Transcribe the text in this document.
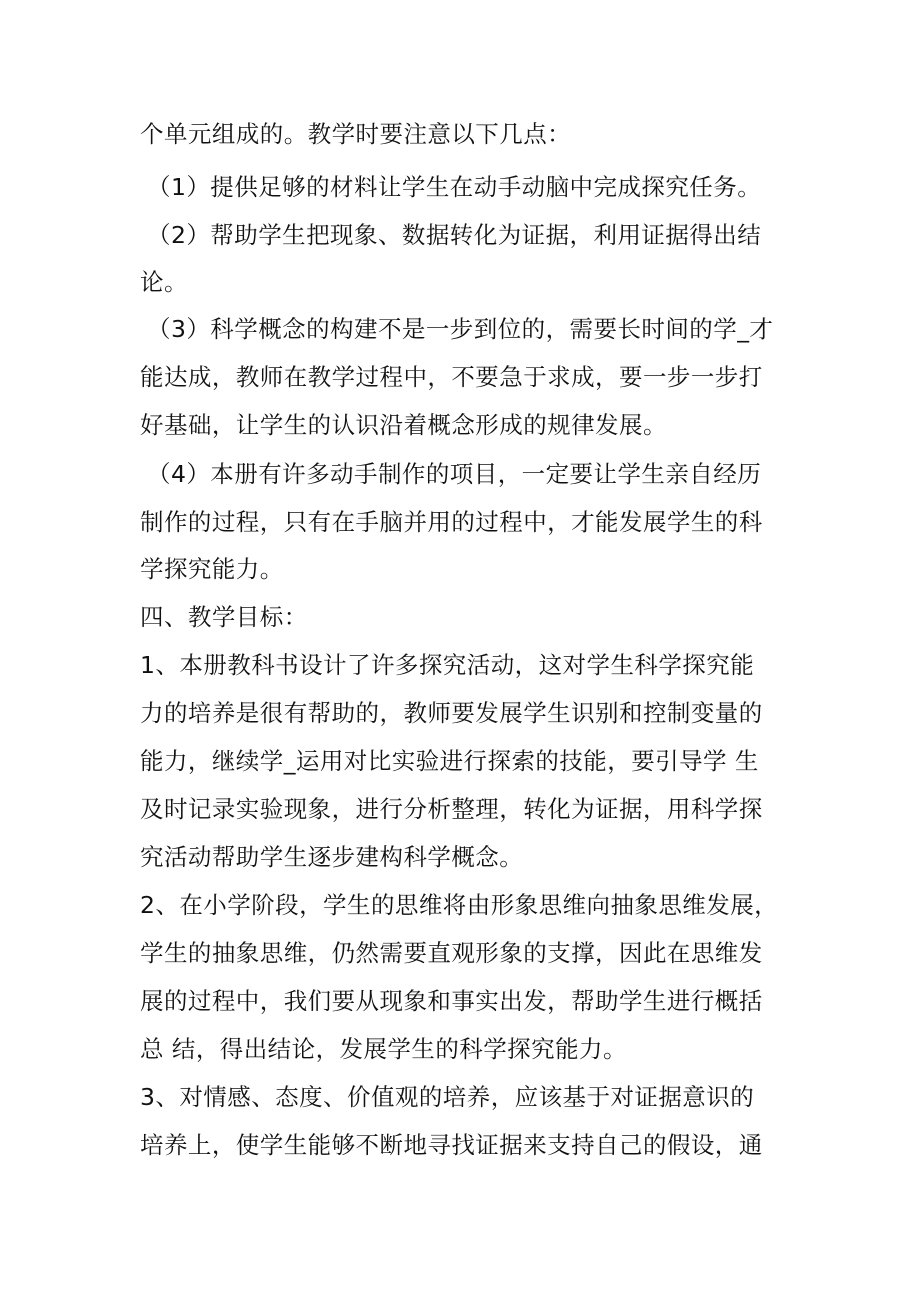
个单元组成的。教学时要注意以下几点：
（1）提供足够的材料让学生在动手动脑中完成探究任务。
（2）帮助学生把现象、数据转化为证据，利用证据得出结
论。
（3）科学概念的构建不是一步到位的，需要长时间的学_才
能达成，教师在教学过程中，不要急于求成，要一步一步打
好基础，让学生的认识沿着概念形成的规律发展。
（4）本册有许多动手制作的项目，一定要让学生亲自经历
制作的过程，只有在手脑并用的过程中，才能发展学生的科
学探究能力。
四、教学目标：
1、本册教科书设计了许多探究活动，这对学生科学探究能
力的培养是很有帮助的，教师要发展学生识别和控制变量的
能力，继续学_运用对比实验进行探索的技能，要引导学 生
及时记录实验现象，进行分析整理，转化为证据，用科学探
究活动帮助学生逐步建构科学概念。
2、在小学阶段，学生的思维将由形象思维向抽象思维发展，
学生的抽象思维，仍然需要直观形象的支撑，因此在思维发
展的过程中，我们要从现象和事实出发，帮助学生进行概括
总 结，得出结论，发展学生的科学探究能力。
3、对情感、态度、价值观的培养，应该基于对证据意识的
培养上，使学生能够不断地寻找证据来支持自己的假设，通
